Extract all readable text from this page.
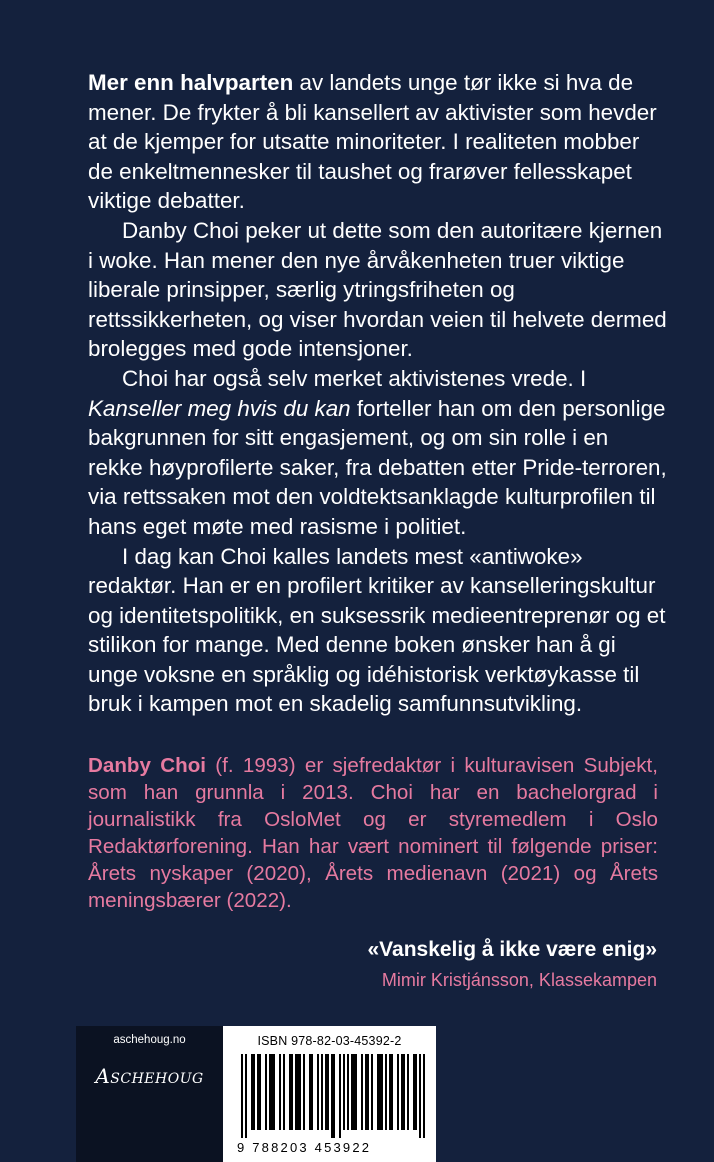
Mer enn halvparten av landets unge tør ikke si hva de mener. De frykter å bli kansellert av aktivister som hevder at de kjemper for utsatte minoriteter. I realiteten mobber de enkeltmennesker til taushet og frarøver fellesskapet viktige debatter.

Danby Choi peker ut dette som den autoritære kjernen i woke. Han mener den nye årvåkenheten truer viktige liberale prinsipper, særlig ytringsfriheten og rettssikkerheten, og viser hvordan veien til helvete dermed brolegges med gode intensjoner.

Choi har også selv merket aktivistenes vrede. I Kanseller meg hvis du kan forteller han om den personlige bakgrunnen for sitt engasjement, og om sin rolle i en rekke høyprofilerte saker, fra debatten etter Pride-terroren, via rettssaken mot den voldtektsanklagde kulturprofilen til hans eget møte med rasisme i politiet.

I dag kan Choi kalles landets mest «antiwoke» redaktør. Han er en profilert kritiker av kanselleringskultur og identitetspolitikk, en suksessrik medieentreprenør og et stilikon for mange. Med denne boken ønsker han å gi unge voksne en språklig og idéhistorisk verktøykasse til bruk i kampen mot en skadelig samfunnsutvikling.

Danby Choi (f. 1993) er sjefredaktør i kulturavisen Subjekt, som han grunnla i 2013. Choi har en bachelorgrad i journalistikk fra OsloMet og er styremedlem i Oslo Redaktørforening. Han har vært nominert til følgende priser: Årets nyskaper (2020), Årets medienavn (2021) og Årets meningsbærer (2022).

«Vanskelig å ikke være enig»
Mimir Kristjánsson, Klassekampen
aschehoug.no
Aschehoug
ISBN 978-82-03-45392-2
9 788203 453922
